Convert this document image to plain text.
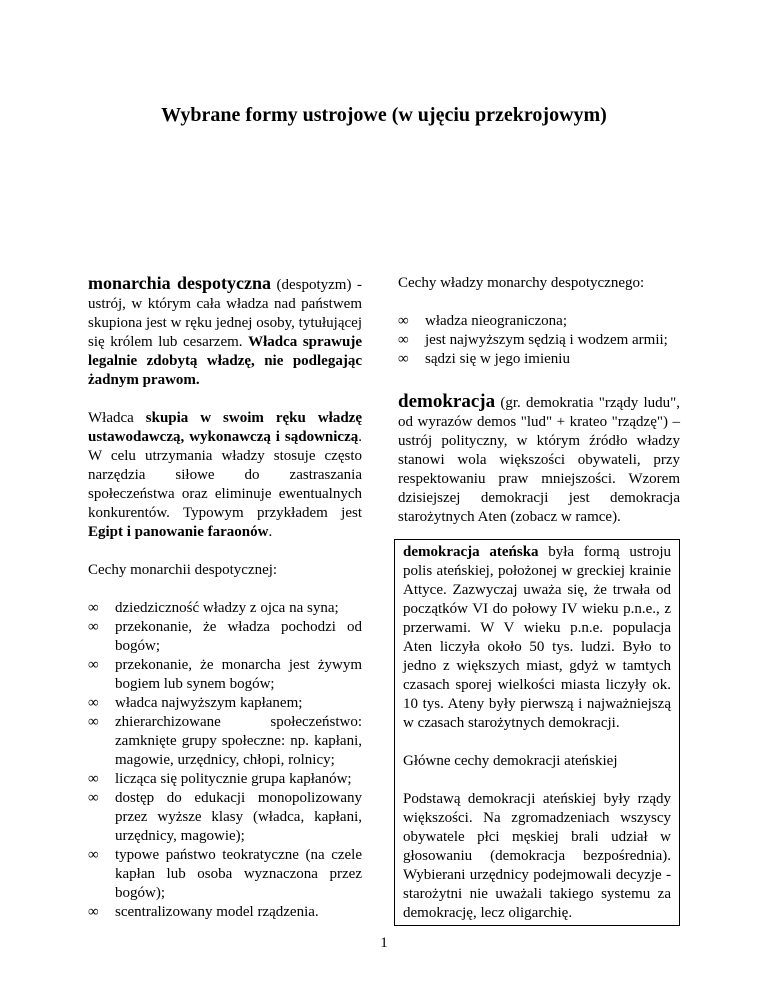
Wybrane formy ustrojowe (w ujęciu przekrojowym)

monarchia despotyczna (despotyzm) - ustrój, w którym cała władza nad państwem skupiona jest w ręku jednej osoby, tytułującej się królem lub cesarzem. Władca sprawuje legalnie zdobytą władzę, nie podlegając żadnym prawom.

Władca skupia w swoim ręku władzę ustawodawczą, wykonawczą i sądowniczą. W celu utrzymania władzy stosuje często narzędzia siłowe do zastraszania społeczeństwa oraz eliminuje ewentualnych konkurentów. Typowym przykładem jest Egipt i panowanie faraonów.

Cechy monarchii despotycznej:

∞ dziedziczność władzy z ojca na syna;
∞ przekonanie, że władza pochodzi od bogów;
∞ przekonanie, że monarcha jest żywym bogiem lub synem bogów;
∞ władca najwyższym kapłanem;
∞ zhierarchizowane społeczeństwo: zamknięte grupy społeczne: np. kapłani, magowie, urzędnicy, chłopi, rolnicy;
∞ licząca się politycznie grupa kapłanów;
∞ dostęp do edukacji monopolizowany przez wyższe klasy (władca, kapłani, urzędnicy, magowie);
∞ typowe państwo teokratyczne (na czele kapłan lub osoba wyznaczona przez bogów);
∞ scentralizowany model rządzenia.

Cechy władzy monarchy despotycznego:

∞ władza nieograniczona;
∞ jest najwyższym sędzią i wodzem armii;
∞ sądzi się w jego imieniu

demokracja (gr. demokratia "rządy ludu", od wyrazów demos "lud" + krateo "rządzę") – ustrój polityczny, w którym źródło władzy stanowi wola większości obywateli, przy respektowaniu praw mniejszości. Wzorem dzisiejszej demokracji jest demokracja starożytnych Aten (zobacz w ramce).

demokracja ateńska była formą ustroju polis ateńskiej, położonej w greckiej krainie Attyce. Zazwyczaj uważa się, że trwała od początków VI do połowy IV wieku p.n.e., z przerwami. W V wieku p.n.e. populacja Aten liczyła około 50 tys. ludzi. Było to jedno z większych miast, gdyż w tamtych czasach sporej wielkości miasta liczyły ok. 10 tys. Ateny były pierwszą i najważniejszą w czasach starożytnych demokracji.

Główne cechy demokracji ateńskiej

Podstawą demokracji ateńskiej były rządy większości. Na zgromadzeniach wszyscy obywatele płci męskiej brali udział w głosowaniu (demokracja bezpośrednia). Wybierani urzędnicy podejmowali decyzje - starożytni nie uważali takiego systemu za demokrację, lecz oligarchię.

1
